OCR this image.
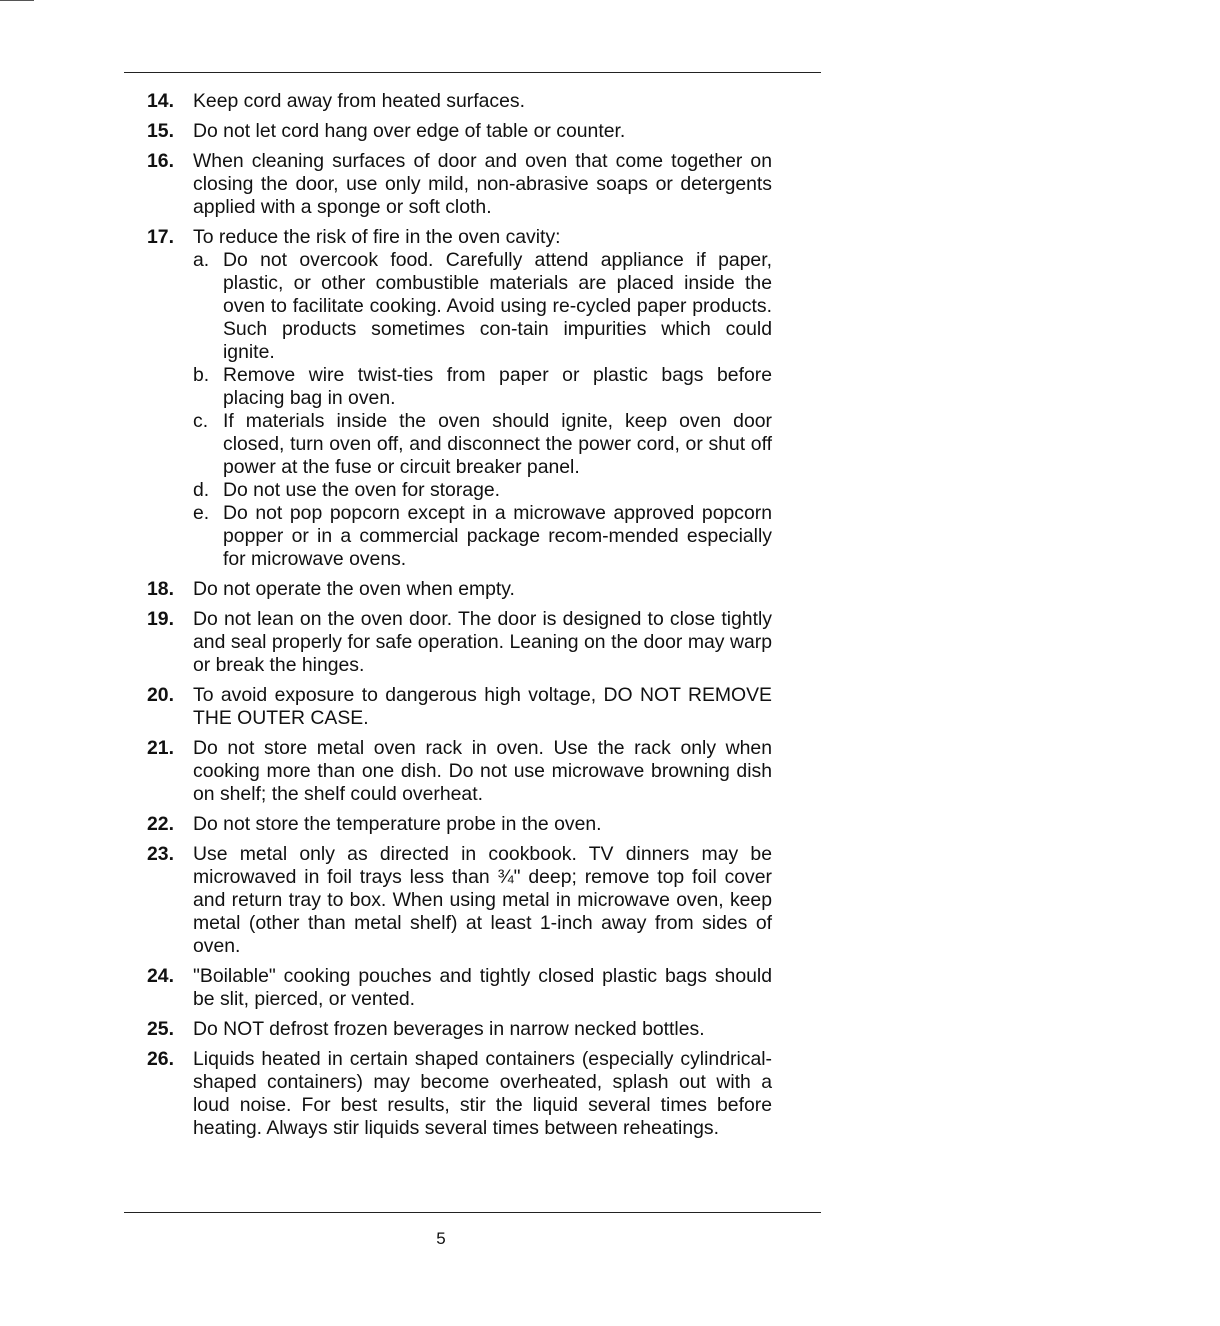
14. Keep cord away from heated surfaces.
15. Do not let cord hang over edge of table or counter.
16. When cleaning surfaces of door and oven that come together on closing the door, use only mild, non-abrasive soaps or detergents applied with a sponge or soft cloth.
17. To reduce the risk of fire in the oven cavity:
a. Do not overcook food. Carefully attend appliance if paper, plastic, or other combustible materials are placed inside the oven to facilitate cooking. Avoid using re-cycled paper products. Such products sometimes con-tain impurities which could ignite.
b. Remove wire twist-ties from paper or plastic bags before placing bag in oven.
c. If materials inside the oven should ignite, keep oven door closed, turn oven off, and disconnect the power cord, or shut off power at the fuse or circuit breaker panel.
d. Do not use the oven for storage.
e. Do not pop popcorn except in a microwave approved popcorn popper or in a commercial package recom-mended especially for microwave ovens.
18. Do not operate the oven when empty.
19. Do not lean on the oven door. The door is designed to close tightly and seal properly for safe operation. Leaning on the door may warp or break the hinges.
20. To avoid exposure to dangerous high voltage, DO NOT REMOVE THE OUTER CASE.
21. Do not store metal oven rack in oven. Use the rack only when cooking more than one dish. Do not use microwave browning dish on shelf; the shelf could overheat.
22. Do not store the temperature probe in the oven.
23. Use metal only as directed in cookbook. TV dinners may be microwaved in foil trays less than ¾" deep; remove top foil cover and return tray to box. When using metal in microwave oven, keep metal (other than metal shelf) at least 1-inch away from sides of oven.
24. "Boilable" cooking pouches and tightly closed plastic bags should be slit, pierced, or vented.
25. Do NOT defrost frozen beverages in narrow necked bottles.
26. Liquids heated in certain shaped containers (especially cylindrical-shaped containers) may become overheated, splash out with a loud noise. For best results, stir the liquid several times before heating. Always stir liquids several times between reheatings.
5
